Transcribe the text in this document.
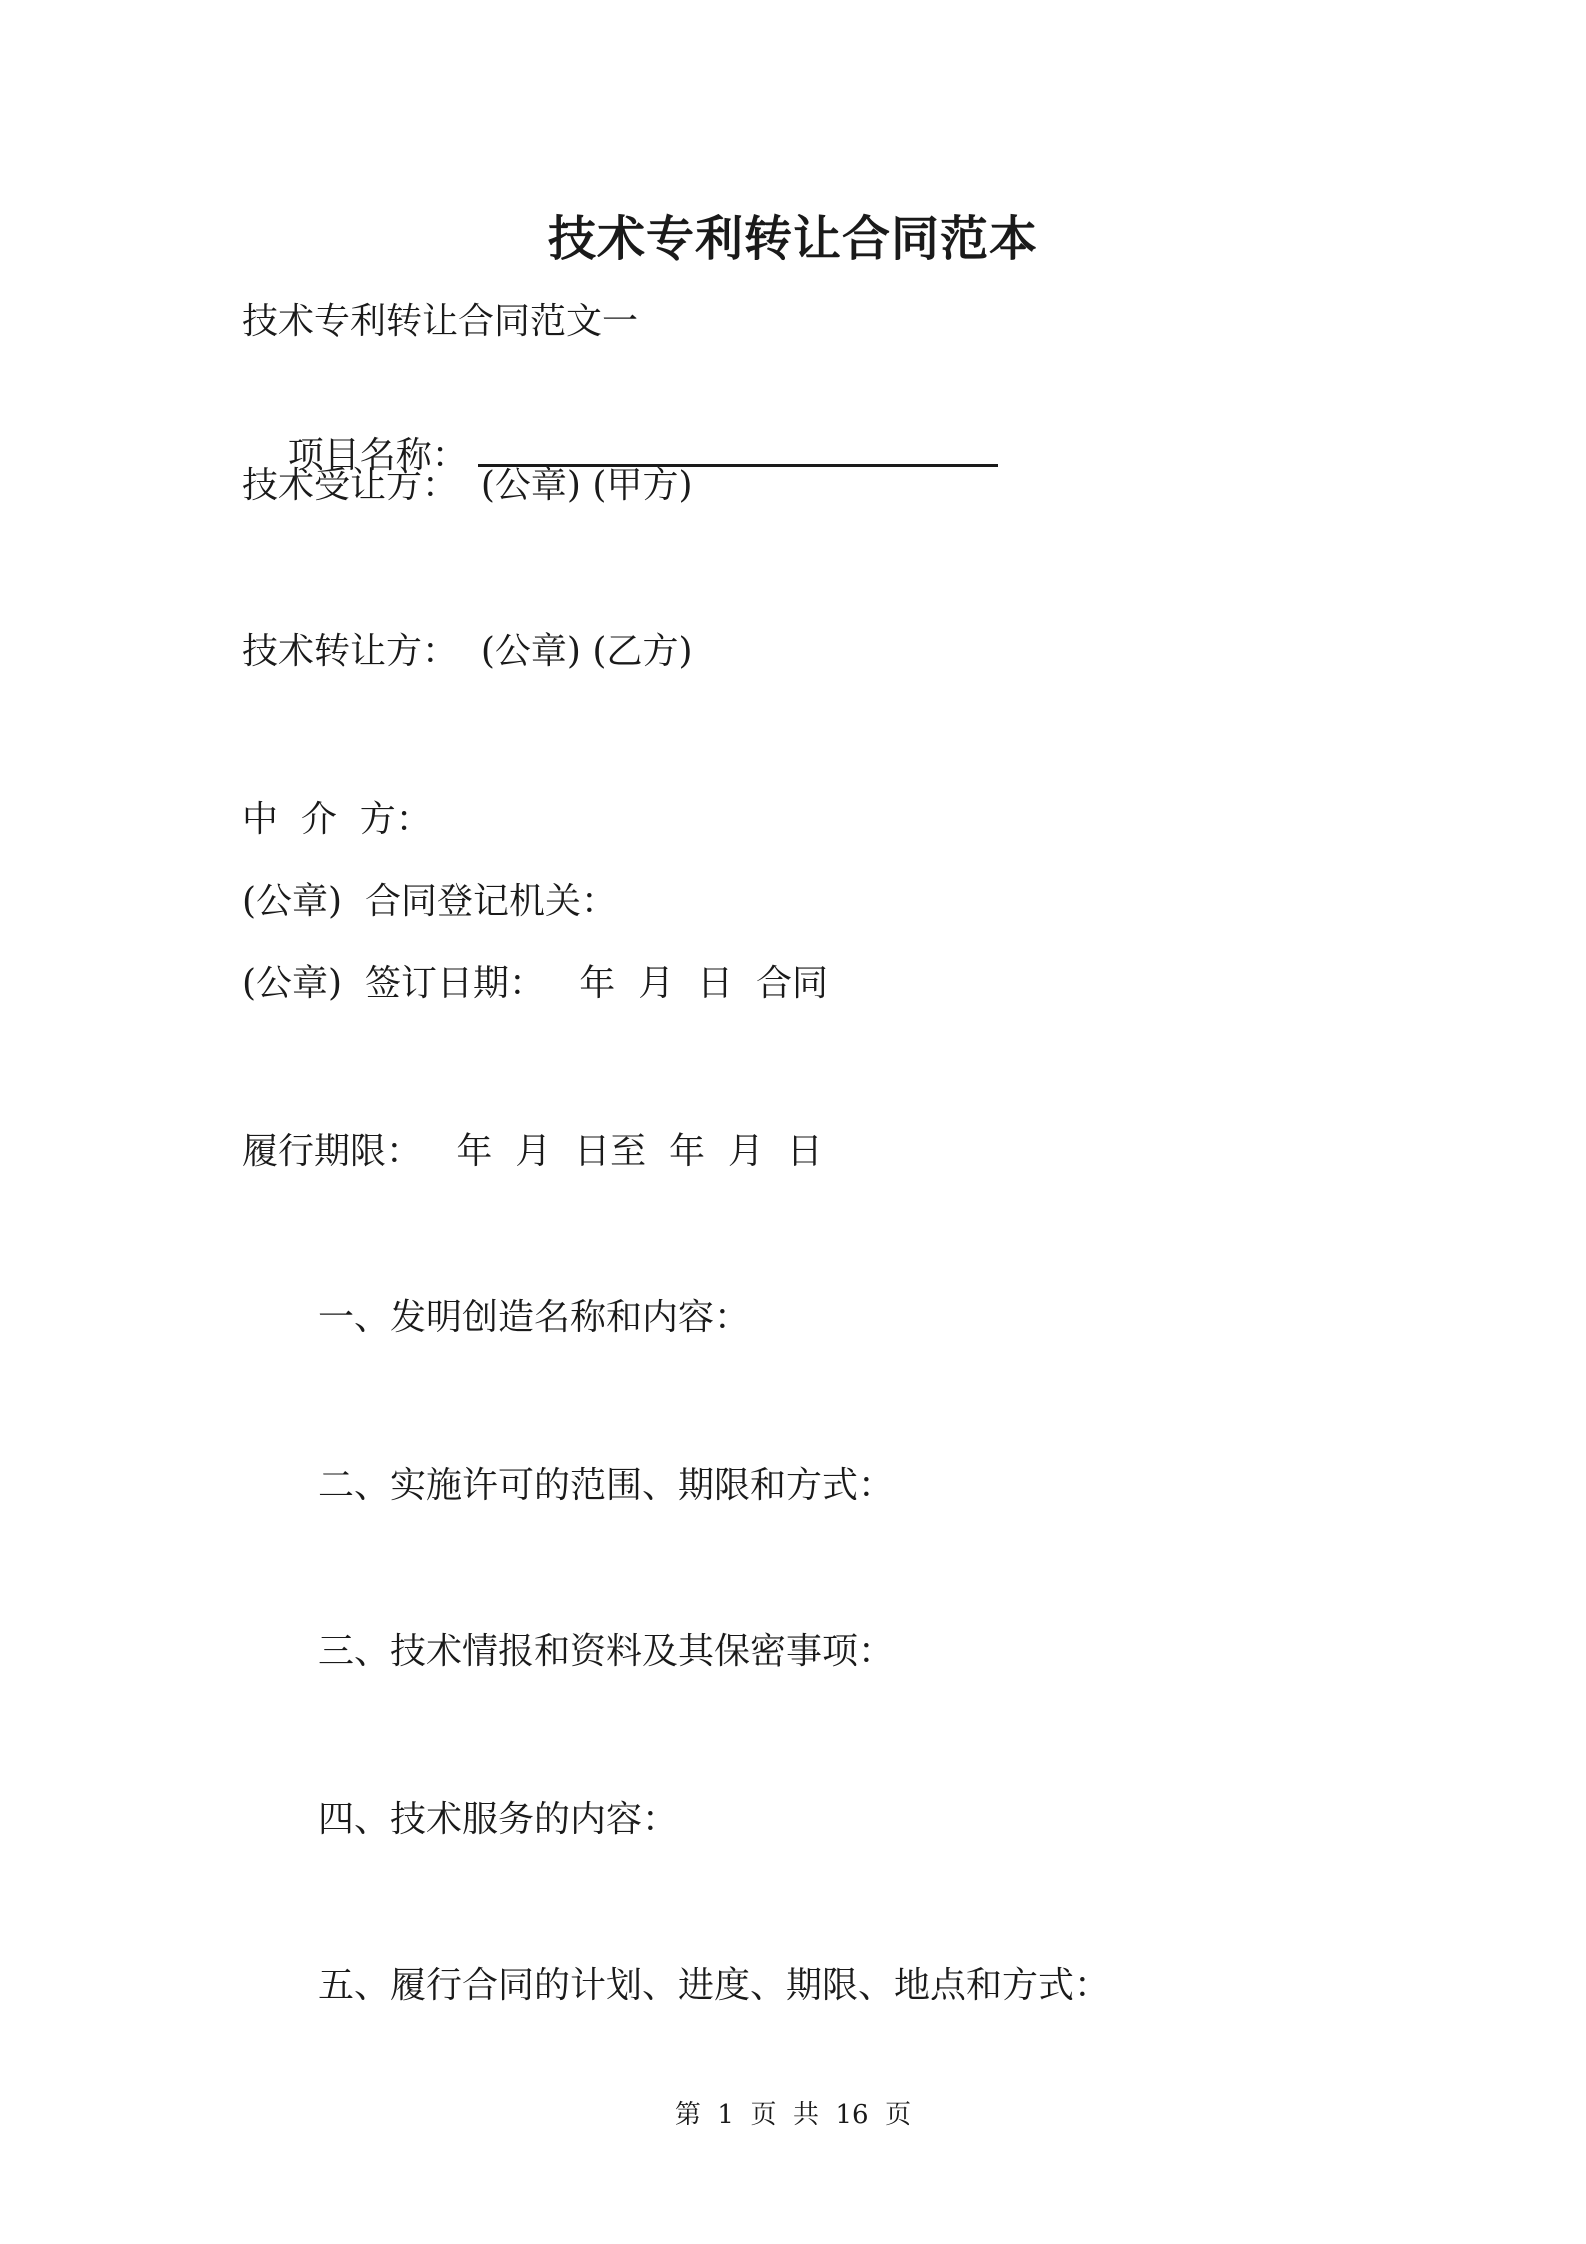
技术专利转让合同范本
技术专利转让合同范文一

项目名称：

技术受让方：  (公章) (甲方)
技术转让方：  (公章) (乙方)
中  介  方：
(公章)  合同登记机关：
(公章)  签订日期：   年  月  日  合同
履行期限：   年  月  日至  年  月  日
一、发明创造名称和内容：
二、实施许可的范围、期限和方式：
三、技术情报和资料及其保密事项：
四、技术服务的内容：
五、履行合同的计划、进度、期限、地点和方式：
第  1  页  共  16  页
